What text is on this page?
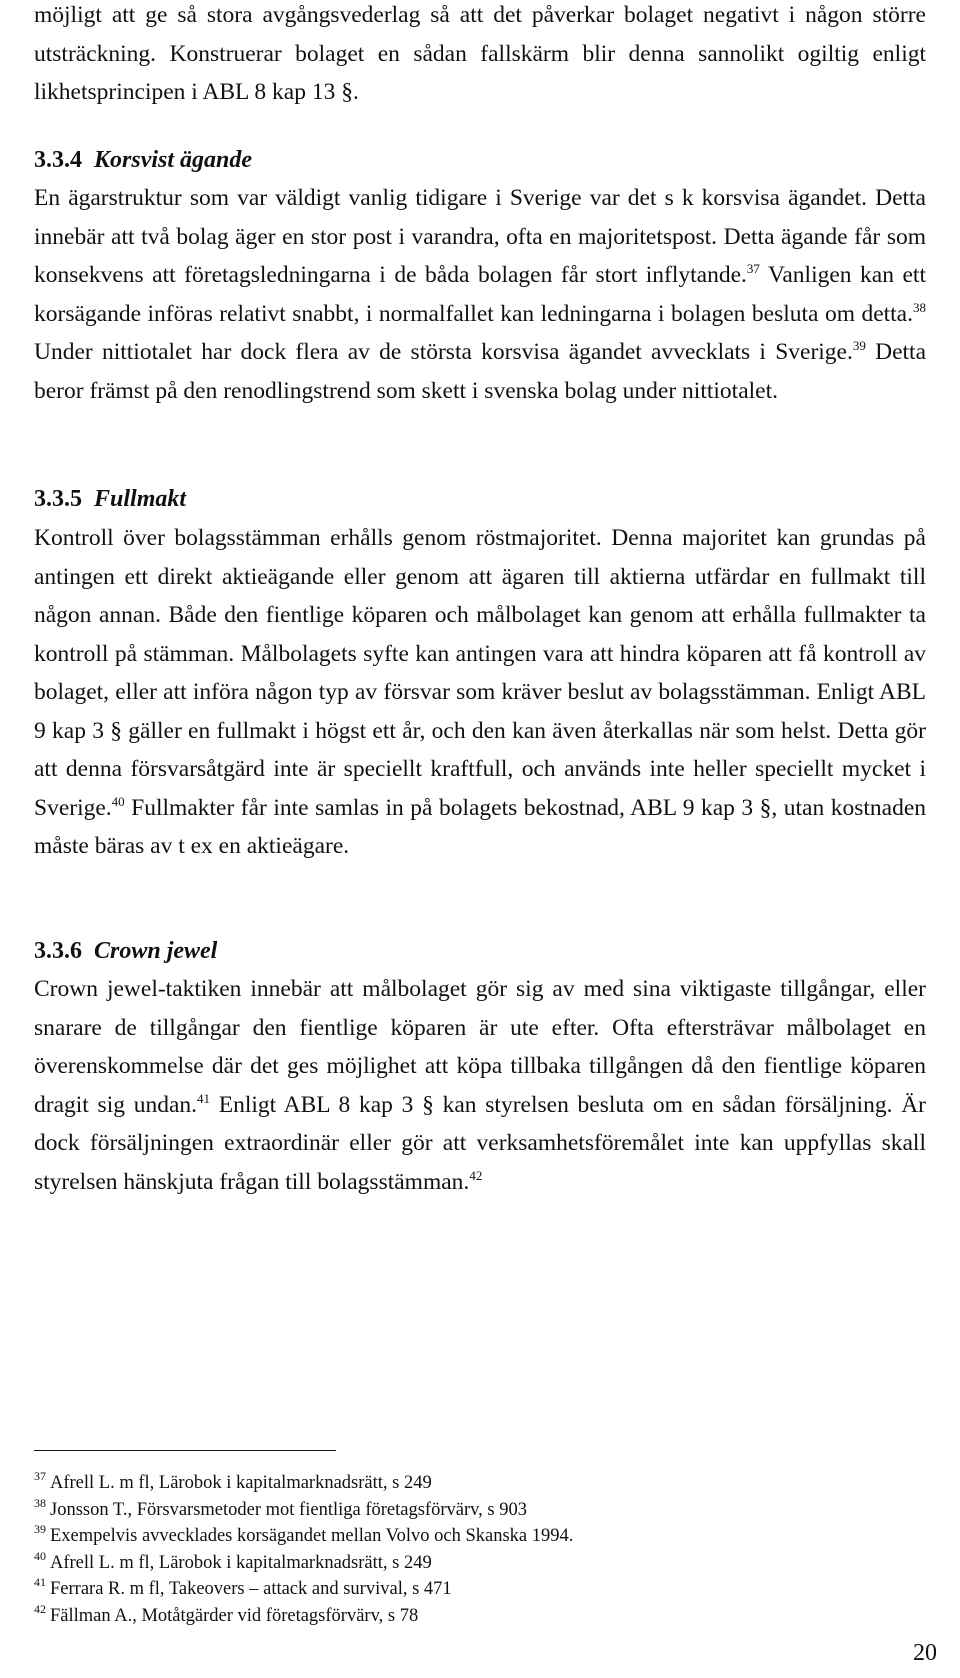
möjligt att ge så stora avgångsvederlag så att det påverkar bolaget negativt i någon större utsträckning. Konstruerar bolaget en sådan fallskärm blir denna sannolikt ogiltig enligt likhetsprincipen i ABL 8 kap 13 §.

3.3.4 Korsvist ägande

En ägarstruktur som var väldigt vanlig tidigare i Sverige var det s k korsvisa ägandet. Detta innebär att två bolag äger en stor post i varandra, ofta en majoritetspost. Detta ägande får som konsekvens att företagsledningarna i de båda bolagen får stort inflytande.$^{37}$ Vanligen kan ett korsägande införas relativt snabbt, i normalfallet kan ledningarna i bolagen besluta om detta.$^{38}$ Under nittiotalet har dock flera av de största korsvisa ägandet avvecklats i Sverige.$^{39}$ Detta beror främst på den renodlingstrend som skett i svenska bolag under nittiotalet.

3.3.5 Fullmakt

Kontroll över bolagsstämman erhålls genom röstmajoritet. Denna majoritet kan grundas på antingen ett direkt aktieägande eller genom att ägaren till aktierna utfärdar en fullmakt till någon annan. Både den fientlige köparen och målbolaget kan genom att erhålla fullmakter ta kontroll på stämman. Målbolagets syfte kan antingen vara att hindra köparen att få kontroll av bolaget, eller att införa någon typ av försvar som kräver beslut av bolagsstämman. Enligt ABL 9 kap 3 § gäller en fullmakt i högst ett år, och den kan även återkallas när som helst. Detta gör att denna försvarsåtgärd inte är speciellt kraftfull, och används inte heller speciellt mycket i Sverige.$^{40}$ Fullmakter får inte samlas in på bolagets bekostnad, ABL 9 kap 3 §, utan kostnaden måste bäras av t ex en aktieägare.

3.3.6 Crown jewel

Crown jewel-taktiken innebär att målbolaget gör sig av med sina viktigaste tillgångar, eller snarare de tillgångar den fientlige köparen är ute efter. Ofta eftersträvar målbolaget en överenskommelse där det ges möjlighet att köpa tillbaka tillgången då den fientlige köparen dragit sig undan.$^{41}$ Enligt ABL 8 kap 3 § kan styrelsen besluta om en sådan försäljning. Är dock försäljningen extraordinär eller gör att verksamhetsföremålet inte kan uppfyllas skall styrelsen hänskjuta frågan till bolagsstämman.$^{42}$

$^{37}$ Afrell L. m fl, Lärobok i kapitalmarknadsrätt, s 249

$^{38}$ Jonsson T., Försvarsmetoder mot fientliga företagsförvärv, s 903

$^{39}$ Exempelvis avvecklades korsägandet mellan Volvo och Skanska 1994.

$^{40}$ Afrell L. m fl, Lärobok i kapitalmarknadsrätt, s 249

$^{41}$ Ferrara R. m fl, Takeovers – attack and survival, s 471

$^{42}$ Fällman A., Motåtgärder vid företagsförvärv, s 78

20
